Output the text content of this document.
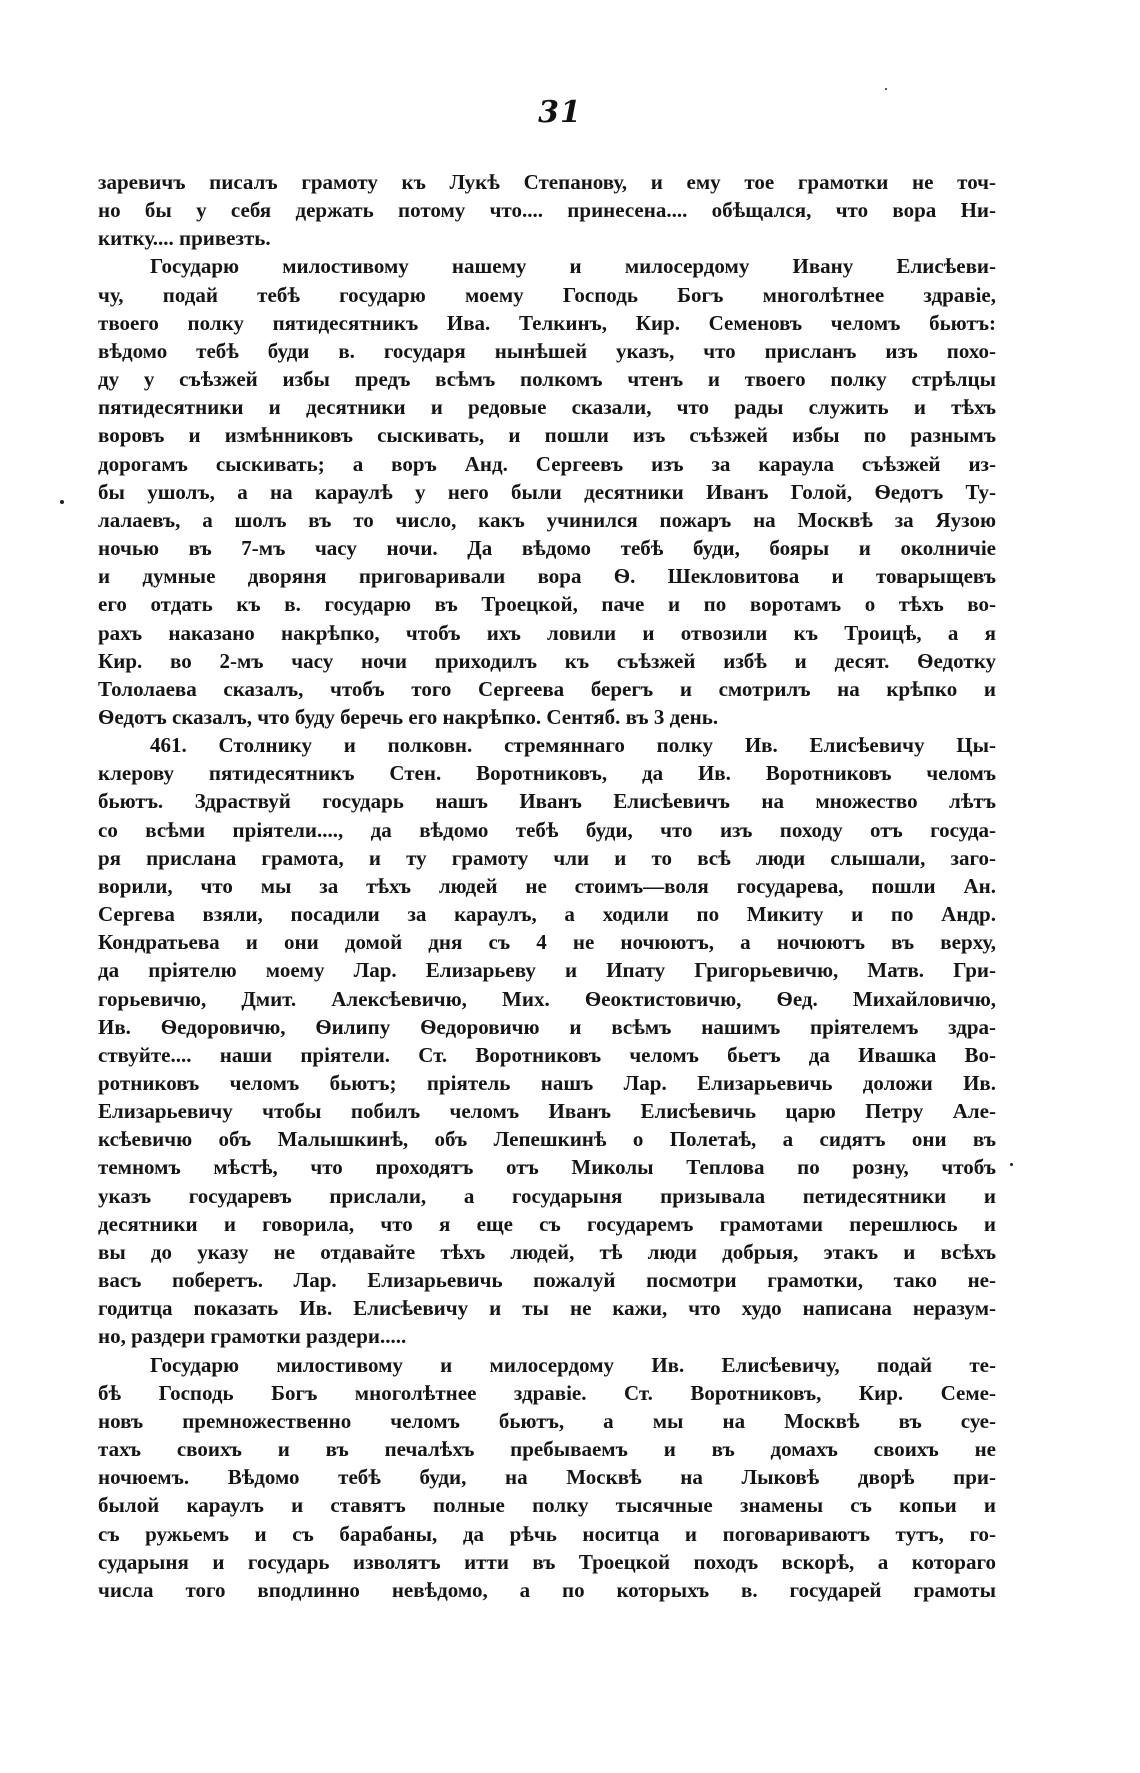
31
заревичъ писалъ грамоту къ Лукѣ Степанову, и ему тое грамотки не точ-
но бы у себя держать потому что.... принесена.... обѣщался, что вора Ни-
китку.... привезть.
Государю милостивому нашему и милосердому Ивану Елисѣеви-
чу, подай тебѣ государю моему Господь Богъ многолѣтнее здравіе,
твоего полку пятидесятникъ Ива. Телкинъ, Кир. Семеновъ челомъ бьютъ:
вѣдомо тебѣ буди в. государя нынѣшей указъ, что присланъ изъ похо-
ду у съѣзжей избы предъ всѣмъ полкомъ чтенъ и твоего полку стрѣлцы
пятидесятники и десятники и редовые сказали, что рады служить и тѣхъ
воровъ и измѣнниковъ сыскивать, и пошли изъ съѣзжей избы по разнымъ
дорогамъ сыскивать; а воръ Анд. Сергеевъ изъ за караула съѣзжей из-
бы ушолъ, а на караулѣ у него были десятники Иванъ Голой, Ѳедотъ Ту-
лалаевъ, а шолъ въ то число, какъ учинился пожаръ на Москвѣ за Яузою
ночью въ 7-мъ часу ночи. Да вѣдомо тебѣ буди, бояры и околничіе
и думные дворяня приговаривали вора Ѳ. Шекловитова и товарыщевъ
его отдать къ в. государю въ Троецкой, паче и по воротамъ о тѣхъ во-
рахъ наказано накрѣпко, чтобъ ихъ ловили и отвозили къ Троицѣ, а я
Кир. во 2-мъ часу ночи приходилъ къ съѣзжей избѣ и десят. Ѳедотку
Тололаева сказалъ, чтобъ того Сергеева берегъ и смотрилъ на крѣпко и
Ѳедотъ сказалъ, что буду беречь его накрѣпко. Сентяб. въ 3 день.
461. Столнику и полковн. стремяннаго полку Ив. Елисѣевичу Цы-
клерову пятидесятникъ Стен. Воротниковъ, да Ив. Воротниковъ челомъ
бьютъ. Здраствуй государь нашъ Иванъ Елисѣевичъ на множество лѣтъ
со всѣми пріятели...., да вѣдомо тебѣ буди, что изъ походу отъ госуда-
ря прислана грамота, и ту грамоту чли и то всѣ люди слышали, заго-
ворили, что мы за тѣхъ людей не стоимъ—воля государева, пошли Ан.
Сергева взяли, посадили за караулъ, а ходили по Микиту и по Андр.
Кондратьева и они домой дня съ 4 не ночюютъ, а ночюютъ въ верху,
да пріятелю моему Лар. Елизарьеву и Ипату Григорьевичю, Матв. Гри-
горьевичю, Дмит. Алексѣевичю, Мих. Ѳеоктистовичю, Ѳед. Михайловичю,
Ив. Ѳедоровичю, Ѳилипу Ѳедоровичю и всѣмъ нашимъ пріятелемъ здра-
ствуйте.... наши пріятели. Ст. Воротниковъ челомъ бьетъ да Ивашка Во-
ротниковъ челомъ бьютъ; пріятель нашъ Лар. Елизарьевичь доложи Ив.
Елизарьевичу чтобы побилъ челомъ Иванъ Елисѣевичь царю Петру Але-
ксѣевичю объ Малышкинѣ, объ Лепешкинѣ о Полетаѣ, а сидятъ они въ
темномъ мѣстѣ, что проходятъ отъ Миколы Теплова по розну, чтобъ
указъ государевъ прислали, а государыня призывала петидесятники и
десятники и говорила, что я еще съ государемъ грамотами перешлюсь и
вы до указу не отдавайте тѣхъ людей, тѣ люди добрыя, этакъ и всѣхъ
васъ поберетъ. Лар. Елизарьевичь пожалуй посмотри грамотки, тако не-
годитца показать Ив. Елисѣевичу и ты не кажи, что худо написана неразум-
но, раздери грамотки раздери.....
Государю милостивому и милосердому Ив. Елисѣевичу, подай те-
бѣ Господь Богъ многолѣтнее здравіе. Ст. Воротниковъ, Кир. Семе-
новъ премножественно челомъ бьютъ, а мы на Москвѣ въ суе-
тахъ своихъ и въ печалѣхъ пребываемъ и въ домахъ своихъ не
ночюемъ. Вѣдомо тебѣ буди, на Москвѣ на Лыковѣ дворѣ при-
былой караулъ и ставятъ полные полку тысячные знамены съ копьи и
съ ружьемъ и съ барабаны, да рѣчь носитца и поговариваютъ тутъ, го-
сударыня и государь изволятъ итти въ Троецкой походъ вскорѣ, а котораго
числа того вподлинно невѣдомо, а по которыхъ в. государей грамоты
